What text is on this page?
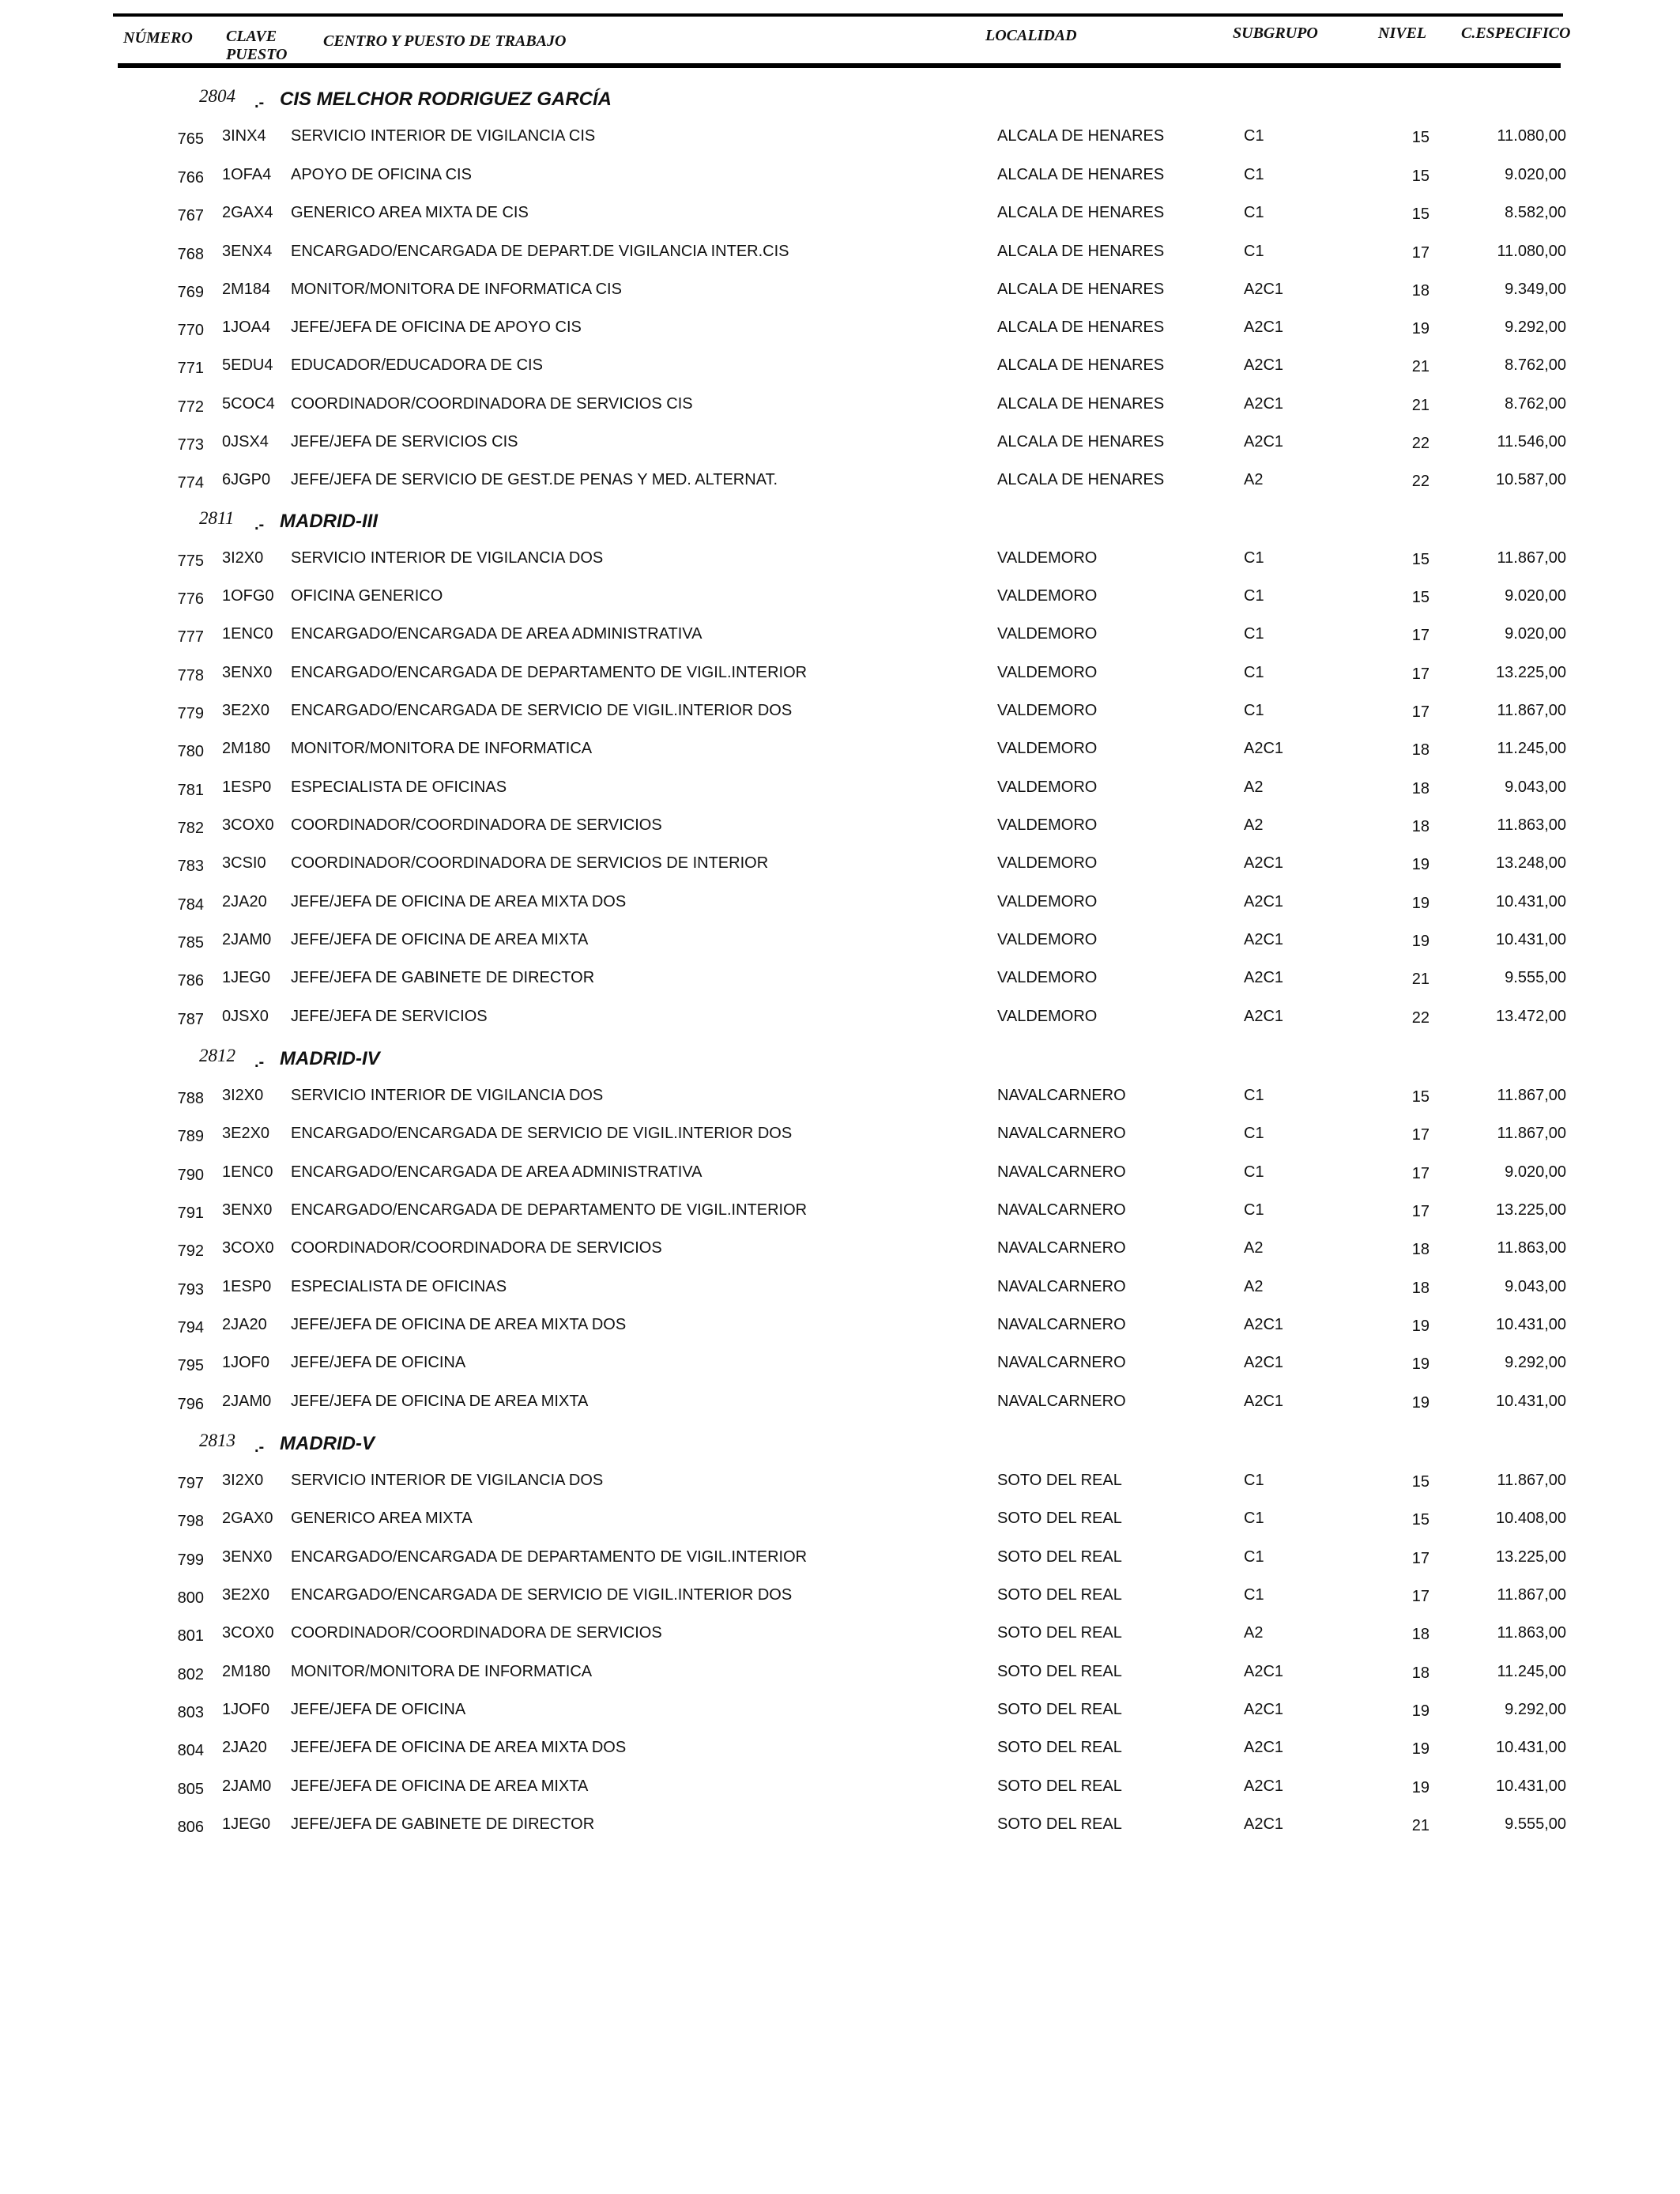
NÚMERO CLAVE
PUESTO
CENTRO Y PUESTO DE TRABAJO	LOCALIDAD	SUBGRUPO	NIVEL C.ESPECIFICO
2804 .- CIS MELCHOR RODRIGUEZ GARCÍA
765 3INX4 SERVICIO INTERIOR DE VIGILANCIA CIS	ALCALA DE HENARES	C1	15	11.080,00
766 1OFA4 APOYO DE OFICINA CIS	ALCALA DE HENARES	C1	15	9.020,00
767 2GAX4 GENERICO AREA MIXTA DE CIS	ALCALA DE HENARES	C1	15	8.582,00
768 3ENX4 ENCARGADO/ENCARGADA DE DEPART.DE VIGILANCIA INTER.CIS	ALCALA DE HENARES	C1	17	11.080,00
769 2M184 MONITOR/MONITORA DE INFORMATICA CIS	ALCALA DE HENARES	A2C1	18	9.349,00
770 1JOA4 JEFE/JEFA DE OFICINA DE APOYO CIS	ALCALA DE HENARES	A2C1	19	9.292,00
771 5EDU4 EDUCADOR/EDUCADORA DE CIS	ALCALA DE HENARES	A2C1	21	8.762,00
772 5COC4 COORDINADOR/COORDINADORA DE SERVICIOS CIS	ALCALA DE HENARES	A2C1	21	8.762,00
773 0JSX4 JEFE/JEFA DE SERVICIOS CIS	ALCALA DE HENARES	A2C1	22	11.546,00
774 6JGP0 JEFE/JEFA DE SERVICIO DE GEST.DE PENAS Y MED. ALTERNAT.	ALCALA DE HENARES	A2	22	10.587,00
2811 .- MADRID-III
775 3I2X0 SERVICIO INTERIOR DE VIGILANCIA DOS	VALDEMORO	C1	15	11.867,00
776 1OFG0 OFICINA GENERICO	VALDEMORO	C1	15	9.020,00
777 1ENC0 ENCARGADO/ENCARGADA DE AREA ADMINISTRATIVA	VALDEMORO	C1	17	9.020,00
778 3ENX0 ENCARGADO/ENCARGADA DE DEPARTAMENTO DE VIGIL.INTERIOR	VALDEMORO	C1	17	13.225,00
779 3E2X0 ENCARGADO/ENCARGADA DE SERVICIO DE VIGIL.INTERIOR DOS	VALDEMORO	C1	17	11.867,00
780 2M180 MONITOR/MONITORA DE INFORMATICA	VALDEMORO	A2C1	18	11.245,00
781 1ESP0 ESPECIALISTA DE OFICINAS	VALDEMORO	A2	18	9.043,00
782 3COX0 COORDINADOR/COORDINADORA DE SERVICIOS	VALDEMORO	A2	18	11.863,00
783 3CSI0 COORDINADOR/COORDINADORA DE SERVICIOS DE INTERIOR	VALDEMORO	A2C1	19	13.248,00
784 2JA20 JEFE/JEFA DE OFICINA DE AREA MIXTA DOS	VALDEMORO	A2C1	19	10.431,00
785 2JAM0 JEFE/JEFA DE OFICINA DE AREA MIXTA	VALDEMORO	A2C1	19	10.431,00
786 1JEG0 JEFE/JEFA DE GABINETE DE DIRECTOR	VALDEMORO	A2C1	21	9.555,00
787 0JSX0 JEFE/JEFA DE SERVICIOS	VALDEMORO	A2C1	22	13.472,00
2812 .- MADRID-IV
788 3I2X0 SERVICIO INTERIOR DE VIGILANCIA DOS	NAVALCARNERO	C1	15	11.867,00
789 3E2X0 ENCARGADO/ENCARGADA DE SERVICIO DE VIGIL.INTERIOR DOS	NAVALCARNERO	C1	17	11.867,00
790 1ENC0 ENCARGADO/ENCARGADA DE AREA ADMINISTRATIVA	NAVALCARNERO	C1	17	9.020,00
791 3ENX0 ENCARGADO/ENCARGADA DE DEPARTAMENTO DE VIGIL.INTERIOR	NAVALCARNERO	C1	17	13.225,00
792 3COX0 COORDINADOR/COORDINADORA DE SERVICIOS	NAVALCARNERO	A2	18	11.863,00
793 1ESP0 ESPECIALISTA DE OFICINAS	NAVALCARNERO	A2	18	9.043,00
794 2JA20 JEFE/JEFA DE OFICINA DE AREA MIXTA DOS	NAVALCARNERO	A2C1	19	10.431,00
795 1JOF0 JEFE/JEFA DE OFICINA	NAVALCARNERO	A2C1	19	9.292,00
796 2JAM0 JEFE/JEFA DE OFICINA DE AREA MIXTA	NAVALCARNERO	A2C1	19	10.431,00
2813 .- MADRID-V
797 3I2X0 SERVICIO INTERIOR DE VIGILANCIA DOS	SOTO DEL REAL	C1	15	11.867,00
798 2GAX0 GENERICO AREA MIXTA	SOTO DEL REAL	C1	15	10.408,00
799 3ENX0 ENCARGADO/ENCARGADA DE DEPARTAMENTO DE VIGIL.INTERIOR	SOTO DEL REAL	C1	17	13.225,00
800 3E2X0 ENCARGADO/ENCARGADA DE SERVICIO DE VIGIL.INTERIOR DOS	SOTO DEL REAL	C1	17	11.867,00
801 3COX0 COORDINADOR/COORDINADORA DE SERVICIOS	SOTO DEL REAL	A2	18	11.863,00
802 2M180 MONITOR/MONITORA DE INFORMATICA	SOTO DEL REAL	A2C1	18	11.245,00
803 1JOF0 JEFE/JEFA DE OFICINA	SOTO DEL REAL	A2C1	19	9.292,00
804 2JA20 JEFE/JEFA DE OFICINA DE AREA MIXTA DOS	SOTO DEL REAL	A2C1	19	10.431,00
805 2JAM0 JEFE/JEFA DE OFICINA DE AREA MIXTA	SOTO DEL REAL	A2C1	19	10.431,00
806 1JEG0 JEFE/JEFA DE GABINETE DE DIRECTOR	SOTO DEL REAL	A2C1	21	9.555,00
